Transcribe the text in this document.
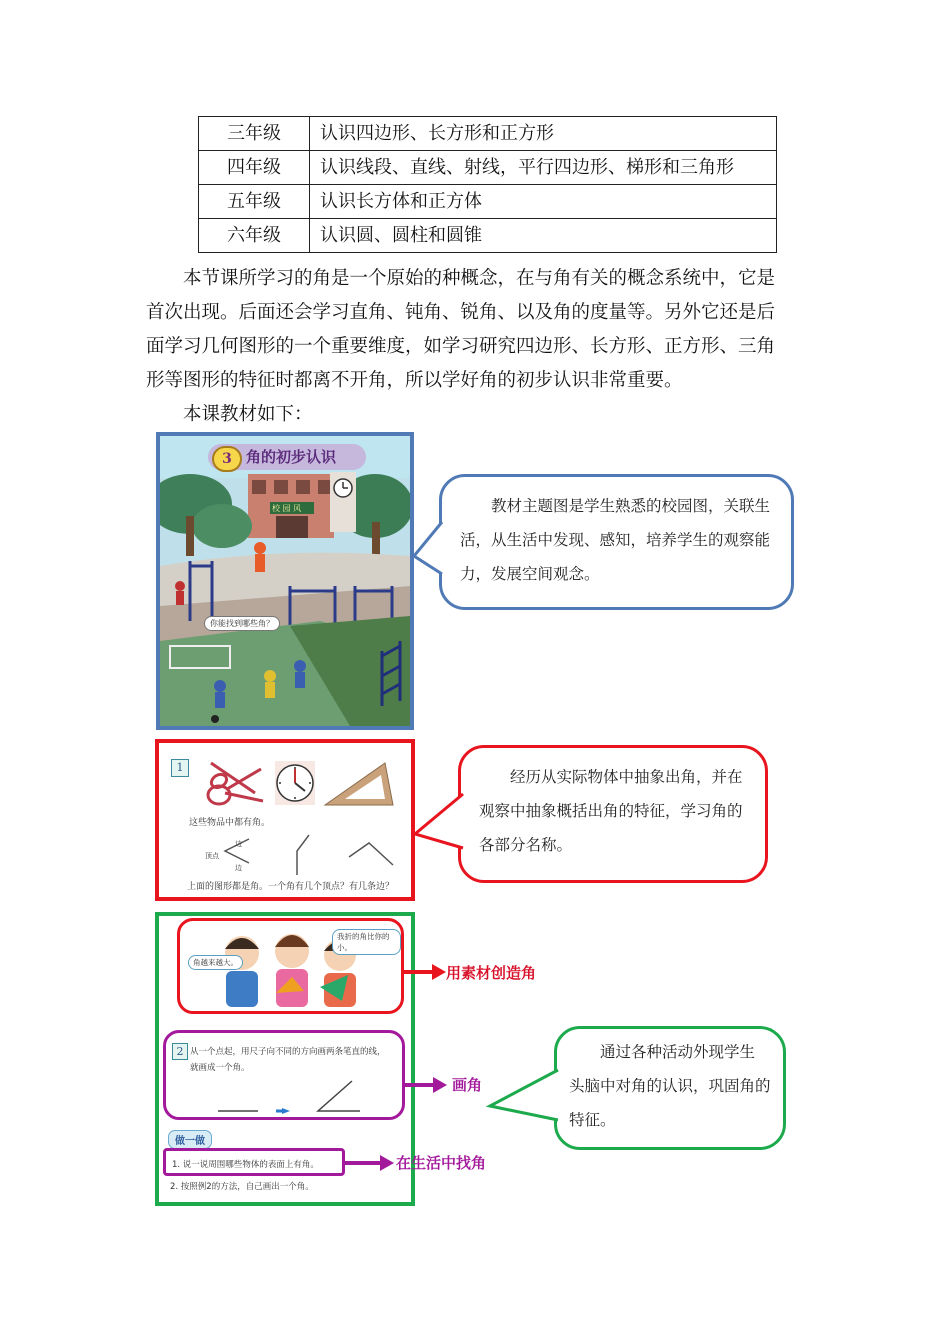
三年级	认识四边形、长方形和正方形
四年级	认识线段、直线、射线，平行四边形、梯形和三角形
五年级	认识长方体和正方体
六年级	认识圆、圆柱和圆锥
　　本节课所学习的角是一个原始的种概念，在与角有关的概念系统中，它是
首次出现。后面还会学习直角、钝角、锐角、以及角的度量等。另外它还是后
面学习几何图形的一个重要维度，如学习研究四边形、长方形、正方形、三角
形等图形的特征时都离不开角，所以学好角的初步认识非常重要。
　　本课教材如下：
3 角的初步认识
校 园 风
你能找到哪些角？
　　教材主题图是学生熟悉的校园图，关联生
活，从生活中发现、感知，培养学生的观察能
力，发展空间观念。
1
这些物品中都有角。
顶点
边
边
上面的图形都是角。一个角有几个顶点？有几条边？
　　经历从实际物体中抽象出角，并在
观察中抽象概括出角的特征，学习角的
各部分名称。
角越来越大。
我折的角比你的小。
用素材创造角
2 从一个点起，用尺子向不同的方向画两条笔直的线，
就画成一个角。
画角
做一做
1. 说一说周围哪些物体的表面上有角。	在生活中找角
2. 按照例2的方法，自己画出一个角。
　　通过各种活动外现学生
头脑中对角的认识，巩固角的
特征。
